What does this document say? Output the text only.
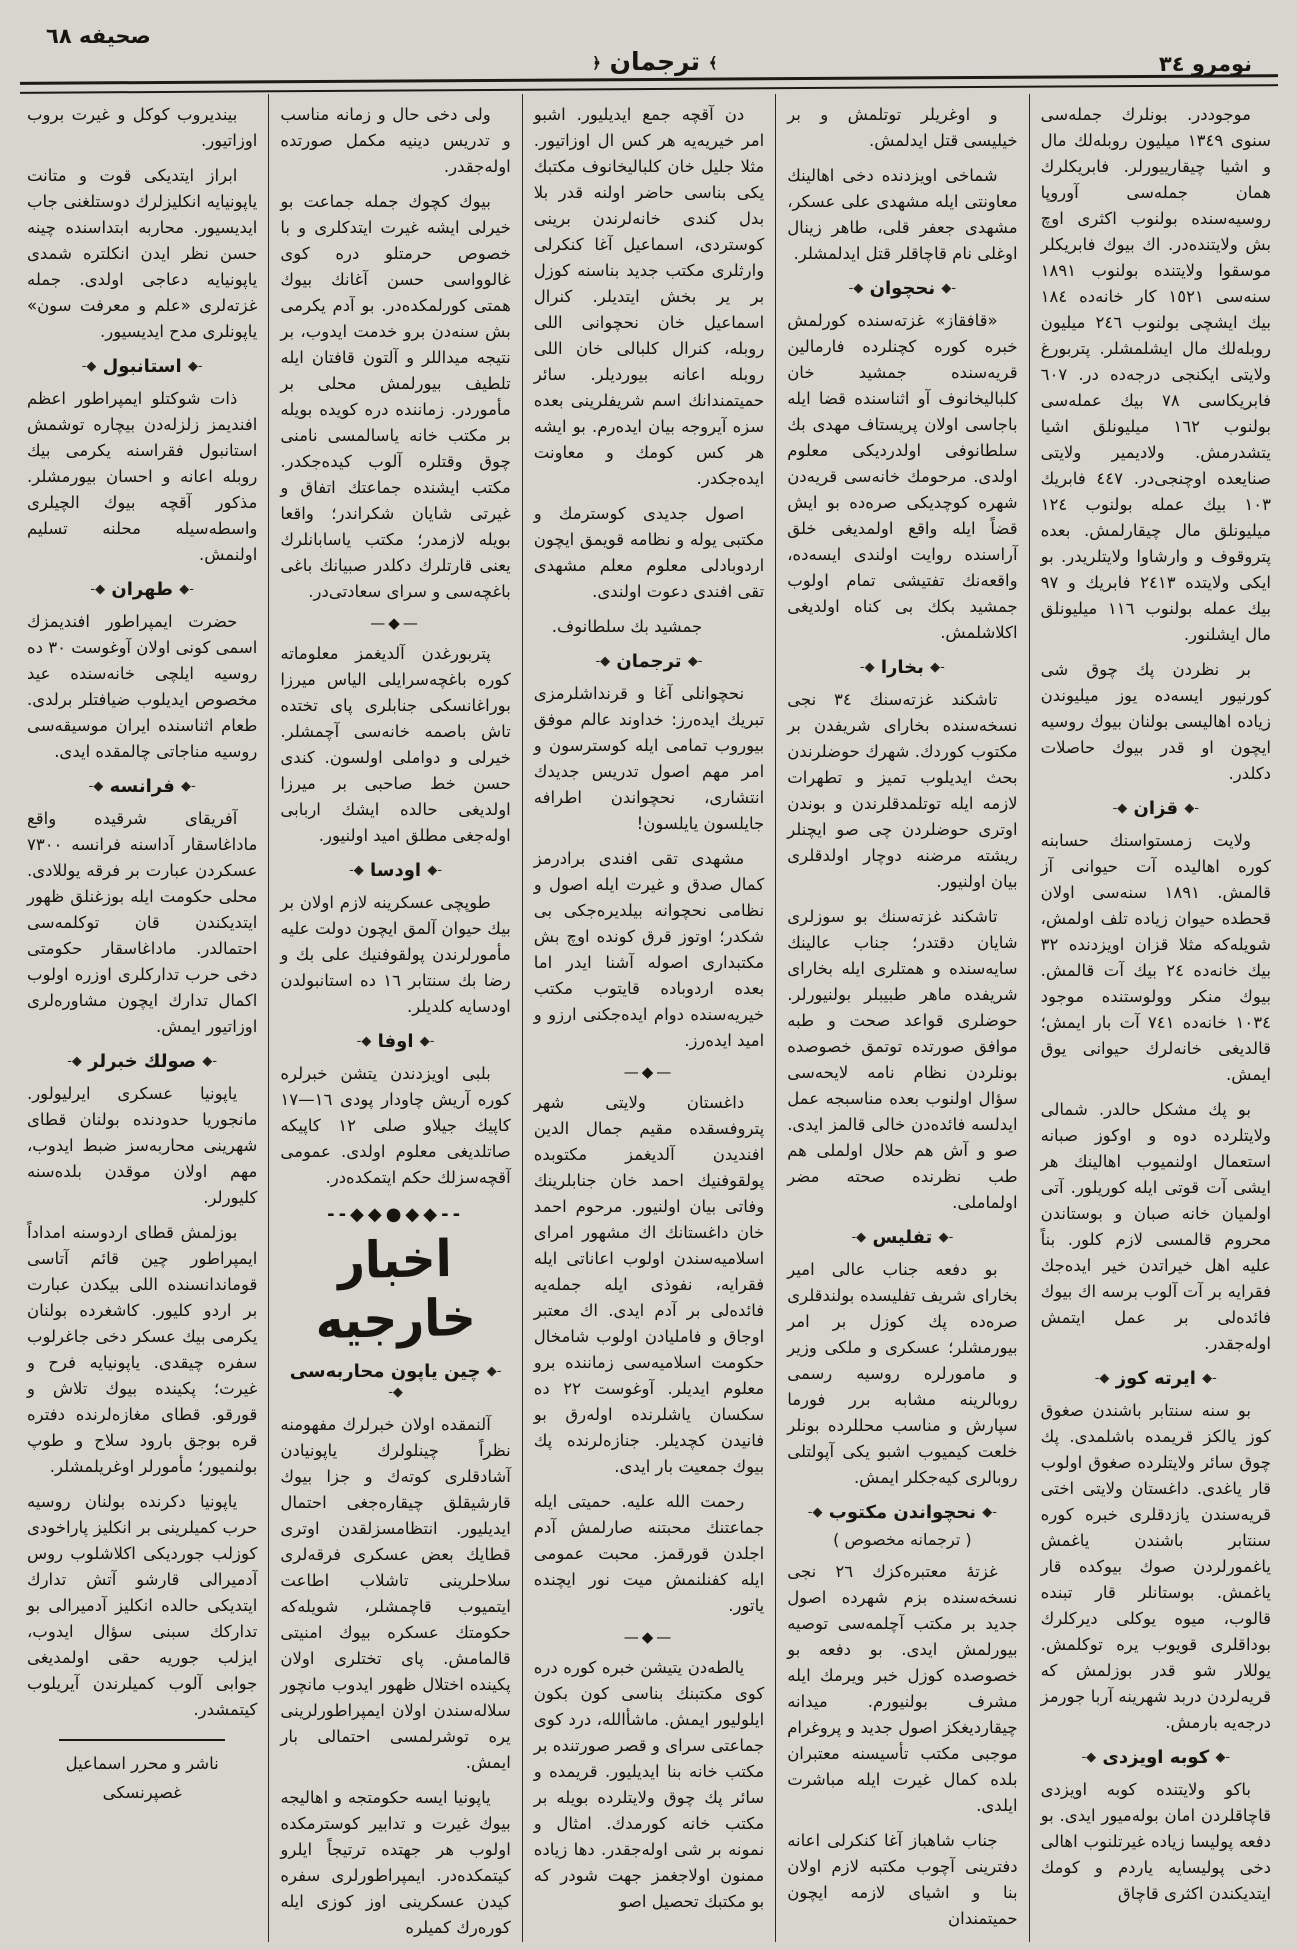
نومرو ٣٤
﴾ ترجمان ﴿
صحيفه ٦٨

موجوددر. بونلرك جمله‌سی سنوی ١٣٤٩ ميليون روبله‌لك مال و اشيا چيقارييورلر. فابريكلرك همان جمله‌سی آوروپا روسيه‌سنده بولنوب اكثری اوچ بش ولايتنده‌در. اك بيوك فابريكلر موسقوا ولايتنده بولنوب ١٨٩١ سنه‌سی ١٥٢١ كار خانه‌ده ١٨٤ بيك ايشچی بولنوب ٢٤٦ ميليون روبله‌لك مال ايشلمشلر. پتربورغ ولايتی ايكنجی درجه‌ده در. ٦٠٧ فابريكاسی ٧٨ بيك عمله‌سی بولنوب ١٦٢ ميليونلق اشيا يتشدرمش. ولاديمير ولايتی صنايعده اوچنجی‌در. ٤٤٧ فابريك ١٠٣ بيك عمله بولنوب ١٢٤ ميليونلق مال چيقارلمش. بعده پتروقوف و وارشاوا ولايتلريدر. بو ايكی ولايتده ٢٤١٣ فابريك و ٩٧ بيك عمله بولنوب ١١٦ ميليونلق مال ايشلنور.

بر نظردن پك چوق شی كورنيور ايسه‌ده يوز ميليوندن زياده اهاليسی بولنان بيوك روسيه ايچون او قدر بيوك حاصلات دكلدر.

-◆ قزان ◆-

ولايت زمستواسنك حسابنه كوره اهاليده آت حيوانی آز قالمش. ١٨٩١ سنه‌سی اولان قحطده حيوان زياده تلف اولمش، شويله‌كه مثلا قزان اويزدنده ٣٢ بيك خانه‌ده ٢٤ بيك آت قالمش. بيوك منكر وولوستنده موجود ١٠٣٤ خانه‌ده ٧٤١ آت بار ايمش؛ قالديغی خانه‌لرك حيوانی يوق ايمش.

بو پك مشكل حالدر. شمالی ولايتلرده دوه و اوكوز صبانه استعمال اولنميوب اهالينك هر ايشی آت قوتی ايله كوريلور. آتی اولميان خانه صبان و بوستاندن محروم قالمسی لازم كلور. بناً عليه اهل خيراتدن خير ايده‌جك فقرايه بر آت آلوب برسه اك بيوك فائده‌لی بر عمل ايتمش اوله‌جقدر.

-◆ ايرته كوز ◆-

بو سنه سنتابر باشندن صغوق كوز يالكز قريمده باشلمدی. پك چوق سائر ولايتلرده صغوق اولوب قار ياغدی. داغستان ولايتی اختی قريه‌سندن يازدقلری خبره كوره سنتابر باشندن ياغمش ياغمورلردن صوك بيوكده قار ياغمش. بوستانلر قار تبنده قالوب، ميوه يوكلی ديركلرك بوداقلری قويوب يره توكلمش. يوللار شو قدر بوزلمش كه قريه‌لردن دربد شهرينه آربا جورمز درجه‌يه بارمش.

-◆ كوبه اويزدی ◆-

باكو ولايتنده كوبه اويزدی قاچاقلردن امان بوله‌ميور ايدی. بو دفعه پوليسا زياده غيرتلنوب اهالی دخی پوليسايه ياردم و كومك ايتديكندن اكثری قاچاق

و اوغريلر توتلمش و بر خيليسی قتل ايدلمش.

شماخی اويزدنده دخی اهالينك معاونتی ايله مشهدی علی عسكر، مشهدی جعفر قلی، طاهر زينال اوغلی نام قاچاقلر قتل ايدلمشلر.

-◆ نحچوان ◆-

«قافقاز» غزته‌سنده كورلمش خبره كوره كچنلرده فارمالين قريه‌سنده جمشيد خان كلباليخانوف آو اثناسنده قضا ايله باجاسی اولان پريستاف مهدی بك سلطانوفی اولدرديكی معلوم اولدی. مرحومك خانه‌سی قريه‌دن شهره كوچديكی صره‌ده بو ايش قضاً ايله واقع اولمديغی خلق آراسنده روايت اولندی ايسه‌ده، واقعه‌نك تفتيشی تمام اولوب جمشيد بكك بی كناه اولديغی اكلاشلمش.

-◆ بخارا ◆-

تاشكند غزته‌سنك ٣٤ نجی نسخه‌سنده بخارای شريفدن بر مكتوب كوردك. شهرك حوضلرندن بحث ايديلوب تميز و تطهرات لازمه ايله توتلمدقلرندن و بوندن اوتری حوضلردن چی صو ايچنلر ريشته مرضنه دوچار اولدقلری بيان اولنيور.

تاشكند غزته‌سنك بو سوزلری شايان دقتدر؛ جناب عالينك سايه‌سنده و همتلری ايله بخارای شريفده ماهر طبيبلر بولنيورلر. حوضلری قواعد صحت و طبه موافق صورتده توتمق خصوصده بونلردن نظام نامه لايحه‌سی سؤال اولنوب بعده مناسبجه عمل ايدلسه فائده‌دن خالی قالمز ايدی. صو و آش هم حلال اولملی هم طب نظرنده صحته مضر اولماملی.

-◆ تفليس ◆-

بو دفعه جناب عالی امير بخارای شريف تفليسده بولندقلری صره‌ده پك كوزل بر امر بيورمشلر؛ عسكری و ملكی وزير و مامورلره روسيه رسمی روبالرينه مشابه برر فورما سپارش و مناسب محللرده بونلر خلعت كيميوب اشبو يكی آپولتلی روبالری كيه‌جكلر ايمش.

-◆ نحچواندن مكتوب ◆-
( ترجمانه مخصوص )

غزتهٔ معتبره‌كزك ٢٦ نجی نسخه‌سنده بزم شهرده اصول جديد بر مكتب آچلمه‌سی توصيه بيورلمش ايدی. بو دفعه بو خصوصده كوزل خبر ويرمك ايله مشرف بولنيورم. ميدانه چيقارديغكز اصول جديد و پروغرام موجبی مكتب تأسيسنه معتبران بلده كمال غيرت ايله مباشرت ايلدی.

جناب شاهباز آغا كنكرلی اعانه دفترينی آچوب مكتبه لازم اولان بنا و اشيای لازمه ايچون حميتمندان

دن آقچه جمع ايديليور. اشبو امر خيريه‌يه هر كس ال اوزاتيور. مثلا جليل خان كلباليخانوف مكتبك يكی بناسی حاضر اولنه قدر بلا بدل كندی خانه‌لرندن برينی كوستردی، اسماعيل آغا كنكرلی وارثلری مكتب جديد بناسنه كوزل بر ير بخش ايتديلر. كنرال اسماعيل خان نحچوانی اللی روبله، كنرال كلبالی خان اللی روبله اعانه بيورديلر. سائر حميتمندانك اسم شريفلرينی بعده سزه آيروجه بيان ايده‌رم. بو ايشه هر كس كومك و معاونت ايده‌جكدر.

اصول جديدی كوسترمك و مكتبی يوله و نظامه قويمق ايچون اردوبادلی معلوم معلم مشهدی تقی افندی دعوت اولندی.

جمشيد بك سلطانوف.

-◆ ترجمان ◆-

نحچوانلی آغا و قرنداشلرمزی تبريك ايده‌رز: خداوند عالم موفق بيوروب تمامی ايله كوسترسون و امر مهم اصول تدريس جديدك انتشاری، نحچواندن اطرافه جايلسون يايلسون!

مشهدی تقی افندی برادرمز كمال صدق و غيرت ايله اصول و نظامی نحچوانه بيلديره‌جكی بی شكدر؛ اوتوز قرق كونده اوچ بش مكتبداری اصوله آشنا ايدر اما بعده اردوباده قايتوب مكتب خيريه‌سنده دوام ايده‌جكنی ارزو و اميد ايده‌رز.

—◆—

داغستان ولايتی شهر پتروفسقده مقيم جمال الدين افنديدن آلديغمز مكتوبده پولقوفنيك احمد خان جنابلرينك وفاتی بيان اولنيور. مرحوم احمد خان داغستانك اك مشهور امرای اسلاميه‌سندن اولوب اعاناتی ايله فقرايه، نفوذی ايله جمله‌يه فائده‌لی بر آدم ايدی. اك معتبر اوجاق و فامليادن اولوب شامخال حكومت اسلاميه‌سی زماننده برو معلوم ايديلر. آوغوست ٢٢ ده سكسان ياشلرنده اوله‌رق بو فانيدن كچديلر. جنازه‌لرنده پك بيوك جمعيت بار ايدی.

رحمت الله عليه. حميتی ايله جماعتنك محبتنه صارلمش آدم اجلدن قورقمز. محبت عمومی ايله كفنلنمش ميت نور ايچنده ياتور.

—◆—

يالطه‌دن يتيشن خبره كوره دره كوی مكتبنك بناسی كون بكون ايلوليور ايمش. ماشأالله، درد كوی جماعتی سرای و قصر صورتنده بر مكتب خانه بنا ايديليور. قريمده و سائر پك چوق ولايتلرده بويله بر مكتب خانه كورمدك. امثال و نمونه بر شی اوله‌جقدر. دها زياده ممنون اولاجغمز جهت شودر كه بو مكتبك تحصيل اصو

ولی دخی حال و زمانه مناسب و تدريس دينيه مكمل صورتده اوله‌جقدر.

بيوك كچوك جمله جماعت بو خيرلی ايشه غيرت ايتدكلری و با خصوص حرمتلو دره كوی غالوواسی حسن آغانك بيوك همتی كورلمكده‌در. بو آدم يكرمی بش سنه‌دن برو خدمت ايدوب، بر نتيجه ميداللر و آلتون قافتان ايله تلطيف بيورلمش محلی بر مأموردر. زماننده دره كويده بويله بر مكتب خانه ياسالمسی نامنی چوق وقتلره آلوب كيده‌جكدر. مكتب ايشنده جماعتك اتفاق و غيرتی شايان شكراندر؛ واقعا بويله لازمدر؛ مكتب ياسابانلرك يعنی قارتلرك دكلدر صبيانك باغی باغچه‌سی و سرای سعادتی‌در.

—◆—

پتربورغدن آلديغمز معلوماته كوره باغچه‌سرايلی الياس ميرزا بوراغانسكی جنابلری پای تختده تاش باصمه خانه‌سی آچمشلر. خيرلی و دواملی اولسون. كندی حسن خط صاحبی بر ميرزا اولديغی حالده ايشك اربابی اوله‌جغی مطلق اميد اولنيور.

-◆ اودسا ◆-

طوپچی عسكرينه لازم اولان بر بيك حيوان آلمق ايچون دولت عليه مأمورلرندن پولقوفنيك علی بك و رضا بك سنتابر ١٦ ده استانبولدن اودسايه كلديلر.

-◆ اوفا ◆-

بلبی اويزدندن يتشن خبرلره كوره آريش چاودار پودی ١٦—١٧ كاپيك جيلاو صلی ١٢ كاپيكه صاتلديغی معلوم اولدی. عمومی آقچه‌سزلك حكم ايتمكده‌در.

--◆◆●◆◆--
اخبار خارجيه
-◆ چين ياپون محاربه‌سی ◆-

آلنمقده اولان خبرلرك مفهومنه نظراً چينلولرك ياپونيادن آشادقلری كوته‌ك و جزا بيوك قارشيقلق چيقاره‌جغی احتمال ايديليور. انتظامسزلقدن اوتری قطايك بعض عسكری فرقه‌لری سلاحلرينی تاشلاب اطاعت ايتميوب قاچمشلر، شويله‌كه حكومتك عسكره بيوك امنيتی قالمامش. پای تختلری اولان پكينده اختلال ظهور ايدوب مانچور سلاله‌سندن اولان ايمپراطورلرينی يره توشرلمسی احتمالی بار ايمش.

ياپونيا ايسه حكومتجه و اهاليجه بيوك غيرت و تدابير كوسترمكده اولوب هر جهتده ترتيجاً ايلرو كيتمكده‌در. ايمپراطورلری سفره كيدن عسكرينی اوز كوزی ايله كوره‌رك كميلره

بينديروب كوكل و غيرت بروب اوزاتيور.

ابراز ايتديكی قوت و متانت ياپونيايه انكليزلرك دوستلغنی جاب ايديسيور. محاربه ابتداسنده چينه حسن نظر ايدن انكلتره شمدی ياپونيايه دعاجی اولدی. جمله غزته‌لری «علم و معرفت سون» ياپونلری مدح ايديسيور.

-◆ استانبول ◆-

ذات شوكتلو ايمپراطور اعظم افنديمز زلزله‌دن بيچاره توشمش استانبول فقراسنه يكرمی بيك روبله اعانه و احسان بيورمشلر. مذكور آقچه بيوك الچيلری واسطه‌سيله محلنه تسليم اولنمش.

-◆ طهران ◆-

حضرت ايمپراطور افنديمزك اسمی كونی اولان آوغوست ٣٠ ده روسيه ايلچی خانه‌سنده عيد مخصوص ايديلوب ضيافتلر برلدی. طعام اثناسنده ايران موسيقه‌سی روسيه مناجاتی چالمقده ايدی.

-◆ فرانسه ◆-

آفريقای شرقيده واقع ماداغاسقار آداسنه فرانسه ٧٣٠٠ عسكردن عبارت بر فرقه يوللادی. محلی حكومت ايله بوزغنلق ظهور ايتديكندن قان توكلمه‌سی احتمالدر. ماداغاسقار حكومتی دخی حرب تداركلری اوزره اولوب اكمال تدارك ايچون مشاوره‌لری اوزاتيور ايمش.

-◆ صولك خبرلر ◆-

ياپونيا عسكری ايرليولور. مانجوريا حدودنده بولنان قطای شهرينی محاربه‌سز ضبط ايدوب، مهم اولان موقدن بلده‌سنه كليورلر.

بوزلمش قطای اردوسنه امداداً ايمپراطور چين قائم آتاسی قوماندانسنده اللی بيكدن عبارت بر اردو كليور. كاشغرده بولنان يكرمی بيك عسكر دخی جاغرلوب سفره چيقدی. ياپونيايه فرح و غيرت؛ پكينده بيوك تلاش و قورقو. قطای مغازه‌لرنده دفتره قره بوجق بارود سلاح و طوپ بولنميور؛ مأمورلر اوغريلمشلر.

ياپونيا دكرنده بولنان روسيه حرب كميلرينی بر انكليز پاراخودی كوزلب جورديكی اكلاشلوب روس آدميرالی قارشو آتش تدارك ايتديكی حالده انكليز آدميرالی بو تداركك سبنی سؤال ايدوب، ايزلب جوريه حقی اولمديغی جوابی آلوب كميلرندن آيريلوب كيتمشدر.

ناشر و محرر اسماعيل

غصپرنسكی
